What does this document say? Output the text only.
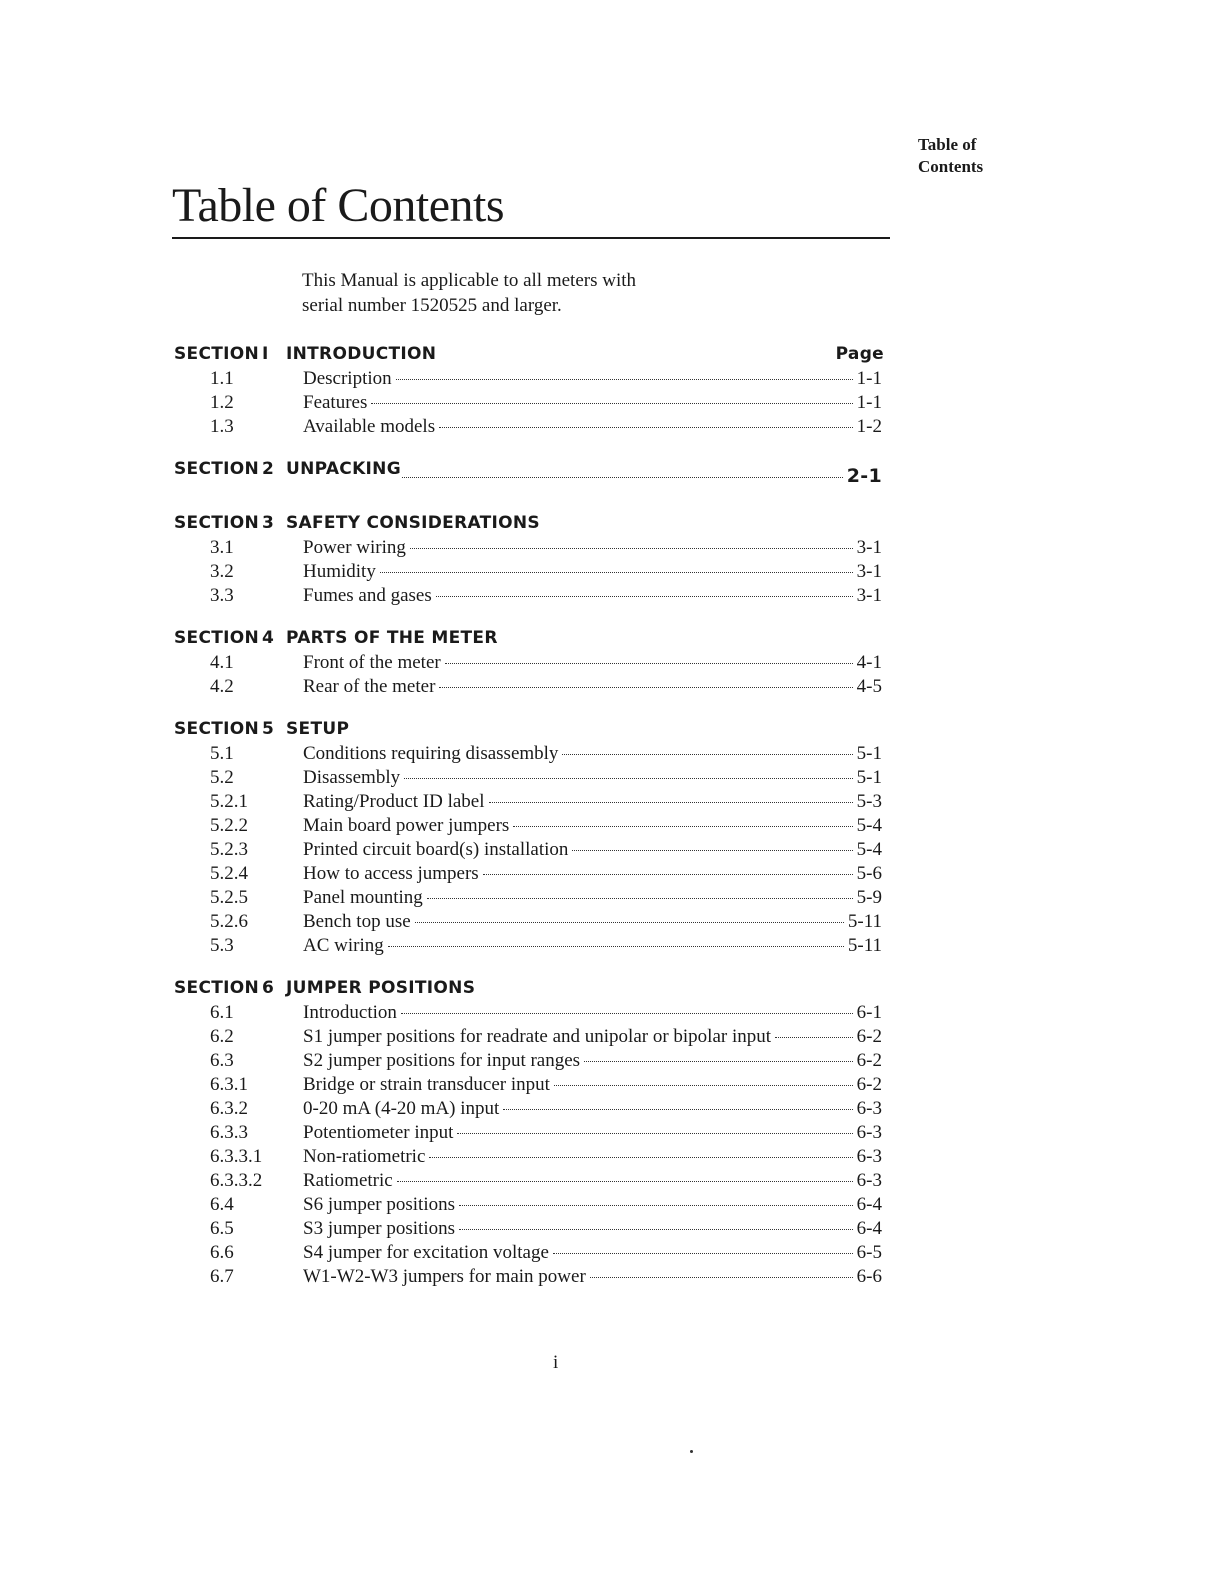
Table of
Contents
Table of Contents
This Manual is applicable to all meters with
serial number 1520525 and larger.
SECTION I INTRODUCTION	Page
1.1	Description	1-1
1.2	Features	1-1
1.3	Available models	1-2
SECTION 2 UNPACKING	2-1
SECTION 3 SAFETY CONSIDERATIONS
3.1	Power wiring	3-1
3.2	Humidity	3-1
3.3	Fumes and gases	3-1
SECTION 4 PARTS OF THE METER
4.1	Front of the meter	4-1
4.2	Rear of the meter	4-5
SECTION 5 SETUP
5.1	Conditions requiring disassembly	5-1
5.2	Disassembly	5-1
5.2.1	Rating/Product ID label	5-3
5.2.2	Main board power jumpers	5-4
5.2.3	Printed circuit board(s) installation	5-4
5.2.4	How to access jumpers	5-6
5.2.5	Panel mounting	5-9
5.2.6	Bench top use	5-11
5.3	AC wiring	5-11
SECTION 6 JUMPER POSITIONS
6.1	Introduction	6-1
6.2	S1 jumper positions for readrate and unipolar or bipolar input	6-2
6.3	S2 jumper positions for input ranges	6-2
6.3.1	Bridge or strain transducer input	6-2
6.3.2	0-20 mA (4-20 mA) input	6-3
6.3.3	Potentiometer input	6-3
6.3.3.1 Non-ratiometric	6-3
6.3.3.2 Ratiometric	6-3
6.4	S6 jumper positions	6-4
6.5	S3 jumper positions	6-4
6.6	S4 jumper for excitation voltage	6-5
6.7	W1-W2-W3 jumpers for main power	6-6
i
